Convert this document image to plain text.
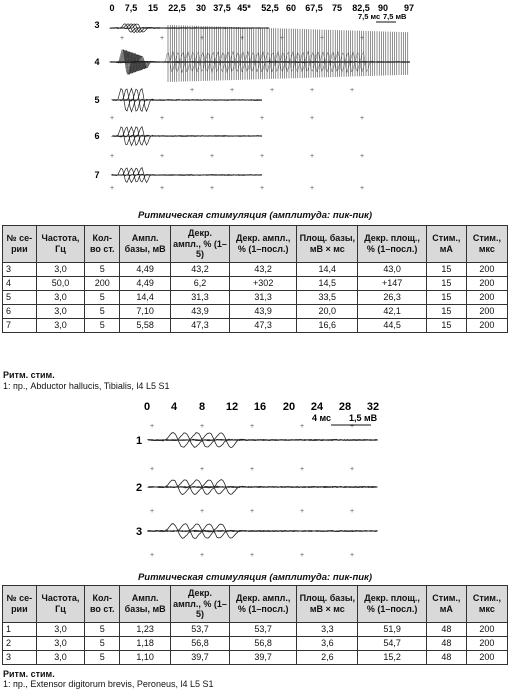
0 7,5 15 22,5 30 37,5 45* 52,5 60 67,5 75 82,5 90 97
7,5 мс 7,5 мВ
3
4
5
6
7
+	+	+	+	+	+	+
+	+	+	+	+
+	+	+	+	+	+
+	+	+	+	+	+
+	+	+	+	+	+
Ритмическая стимуляция (амплитуда: пик-пик)
№ се- рии	Частота, Гц	Кол-во ст.	Ампл. базы, мВ	Декр. ампл., % (1–5)	Декр. ампл., % (1–посл.)	Площ. базы, мВ × мс	Декр. площ., % (1–посл.)	Стим., мА	Стим., мкс
3	3,0	5	4,49	43,2	43,2	14,4	43,0	15	200
4	50,0	200	4,49	6,2	+302	14,5	+147	15	200
5	3,0	5	14,4	31,3	31,3	33,5	26,3	15	200
6	3,0	5	7,10	43,9	43,9	20,0	42,1	15	200
7	3,0	5	5,58	47,3	47,3	16,6	44,5	15	200
Ритм. стим.
1: пр., Abductor hallucis, Tibialis, l4 L5 S1
0 4 8 12 16 20 24 28 32
4 мс 1,5 мВ
1
2
3
+	+	+	+	+
+	+	+	+	+
+	+	+	+	+
+	+	+	+	+
Ритмическая стимуляция (амплитуда: пик-пик)
№ се- рии	Частота, Гц	Кол-во ст.	Ампл. базы, мВ	Декр. ампл., % (1–5)	Декр. ампл., % (1–посл.)	Площ. базы, мВ × мс	Декр. площ., % (1–посл.)	Стим., мА	Стим., мкс
1	3,0	5	1,23	53,7	53,7	3,3	51,9	48	200
2	3,0	5	1,18	56,8	56,8	3,6	54,7	48	200
3	3,0	5	1,10	39,7	39,7	2,6	15,2	48	200
Ритм. стим.
1: пр., Extensor digitorum brevis, Peroneus, l4 L5 S1
